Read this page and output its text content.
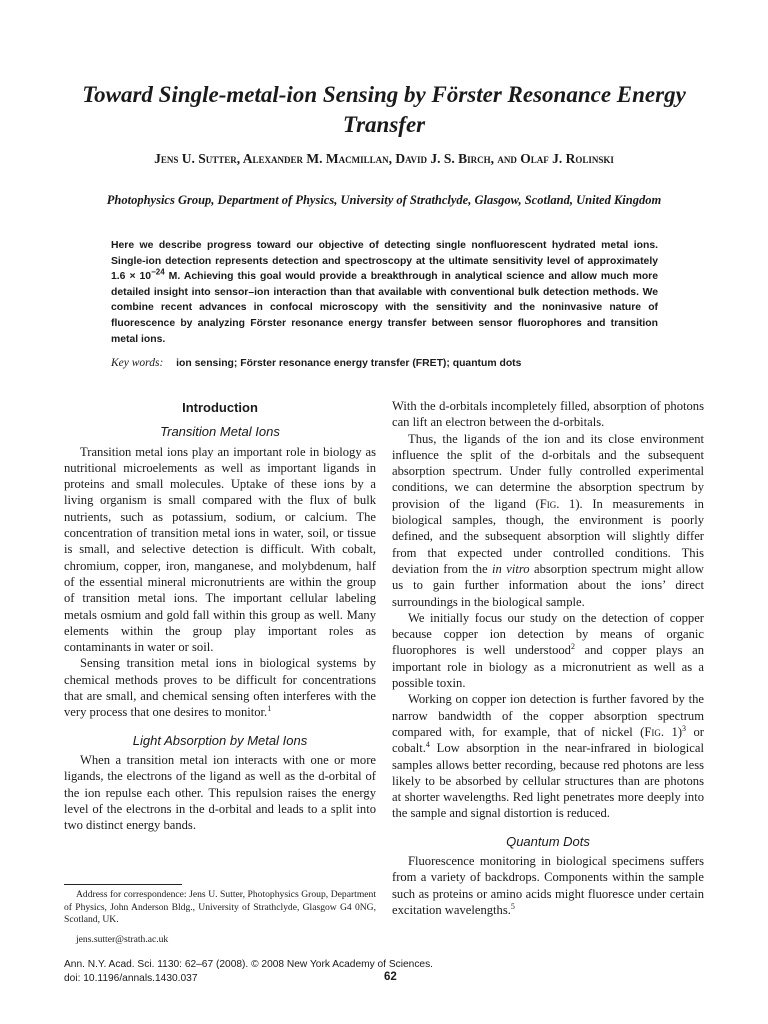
Toward Single-metal-ion Sensing by Förster Resonance Energy Transfer
Jens U. Sutter, Alexander M. Macmillan, David J. S. Birch, and Olaf J. Rolinski
Photophysics Group, Department of Physics, University of Strathclyde, Glasgow, Scotland, United Kingdom

Here we describe progress toward our objective of detecting single nonfluorescent hydrated metal ions. Single-ion detection represents detection and spectroscopy at the ultimate sensitivity level of approximately $1.6 \times 10^{-24}$ M. Achieving this goal would provide a breakthrough in analytical science and allow much more detailed insight into sensor–ion interaction than that available with conventional bulk detection methods. We combine recent advances in confocal microscopy with the sensitivity and the noninvasive nature of fluorescence by analyzing Förster resonance energy transfer between sensor fluorophores and transition metal ions.

Key words: ion sensing; Förster resonance energy transfer (FRET); quantum dots
Introduction
Transition Metal Ions

Transition metal ions play an important role in biology as nutritional microelements as well as important ligands in proteins and small molecules. Uptake of these ions by a living organism is small compared with the flux of bulk nutrients, such as potassium, sodium, or calcium. The concentration of transition metal ions in water, soil, or tissue is small, and selective detection is difficult. With cobalt, chromium, copper, iron, manganese, and molybdenum, half of the essential mineral micronutrients are within the group of transition metal ions. The important cellular labeling metals osmium and gold fall within this group as well. Many elements within the group play important roles as contaminants in water or soil.

Sensing transition metal ions in biological systems by chemical methods proves to be difficult for concentrations that are small, and chemical sensing often interferes with the very process that one desires to monitor.$^1$

Light Absorption by Metal Ions

When a transition metal ion interacts with one or more ligands, the electrons of the ligand as well as the d-orbital of the ion repulse each other. This repulsion raises the energy level of the electrons in the d-orbital and leads to a split into two distinct energy bands.

With the d-orbitals incompletely filled, absorption of photons can lift an electron between the d-orbitals.

Thus, the ligands of the ion and its close environment influence the split of the d-orbitals and the subsequent absorption spectrum. Under fully controlled experimental conditions, we can determine the absorption spectrum by provision of the ligand (Fig. 1). In measurements in biological samples, though, the environment is poorly defined, and the subsequent absorption will slightly differ from that expected under controlled conditions. This deviation from the in vitro absorption spectrum might allow us to gain further information about the ions’ direct surroundings in the biological sample.

We initially focus our study on the detection of copper because copper ion detection by means of organic fluorophores is well understood$^2$ and copper plays an important role in biology as a micronutrient as well as a possible toxin.

Working on copper ion detection is further favored by the narrow bandwidth of the copper absorption spectrum compared with, for example, that of nickel (Fig. 1)$^3$ or cobalt.$^4$ Low absorption in the near-infrared in biological samples allows better recording, because red photons are less likely to be absorbed by cellular structures than are photons at shorter wavelengths. Red light penetrates more deeply into the sample and signal distortion is reduced.

Quantum Dots

Fluorescence monitoring in biological specimens suffers from a variety of backdrops. Components within the sample such as proteins or amino acids might fluoresce under certain excitation wavelengths.$^5$

Address for correspondence: Jens U. Sutter, Photophysics Group, Department of Physics, John Anderson Bldg., University of Strathclyde, Glasgow G4 0NG, Scotland, UK.

jens.sutter@strath.ac.uk
Ann. N.Y. Acad. Sci. 1130: 62–67 (2008). © 2008 New York Academy of Sciences.
doi: 10.1196/annals.1430.037	62
